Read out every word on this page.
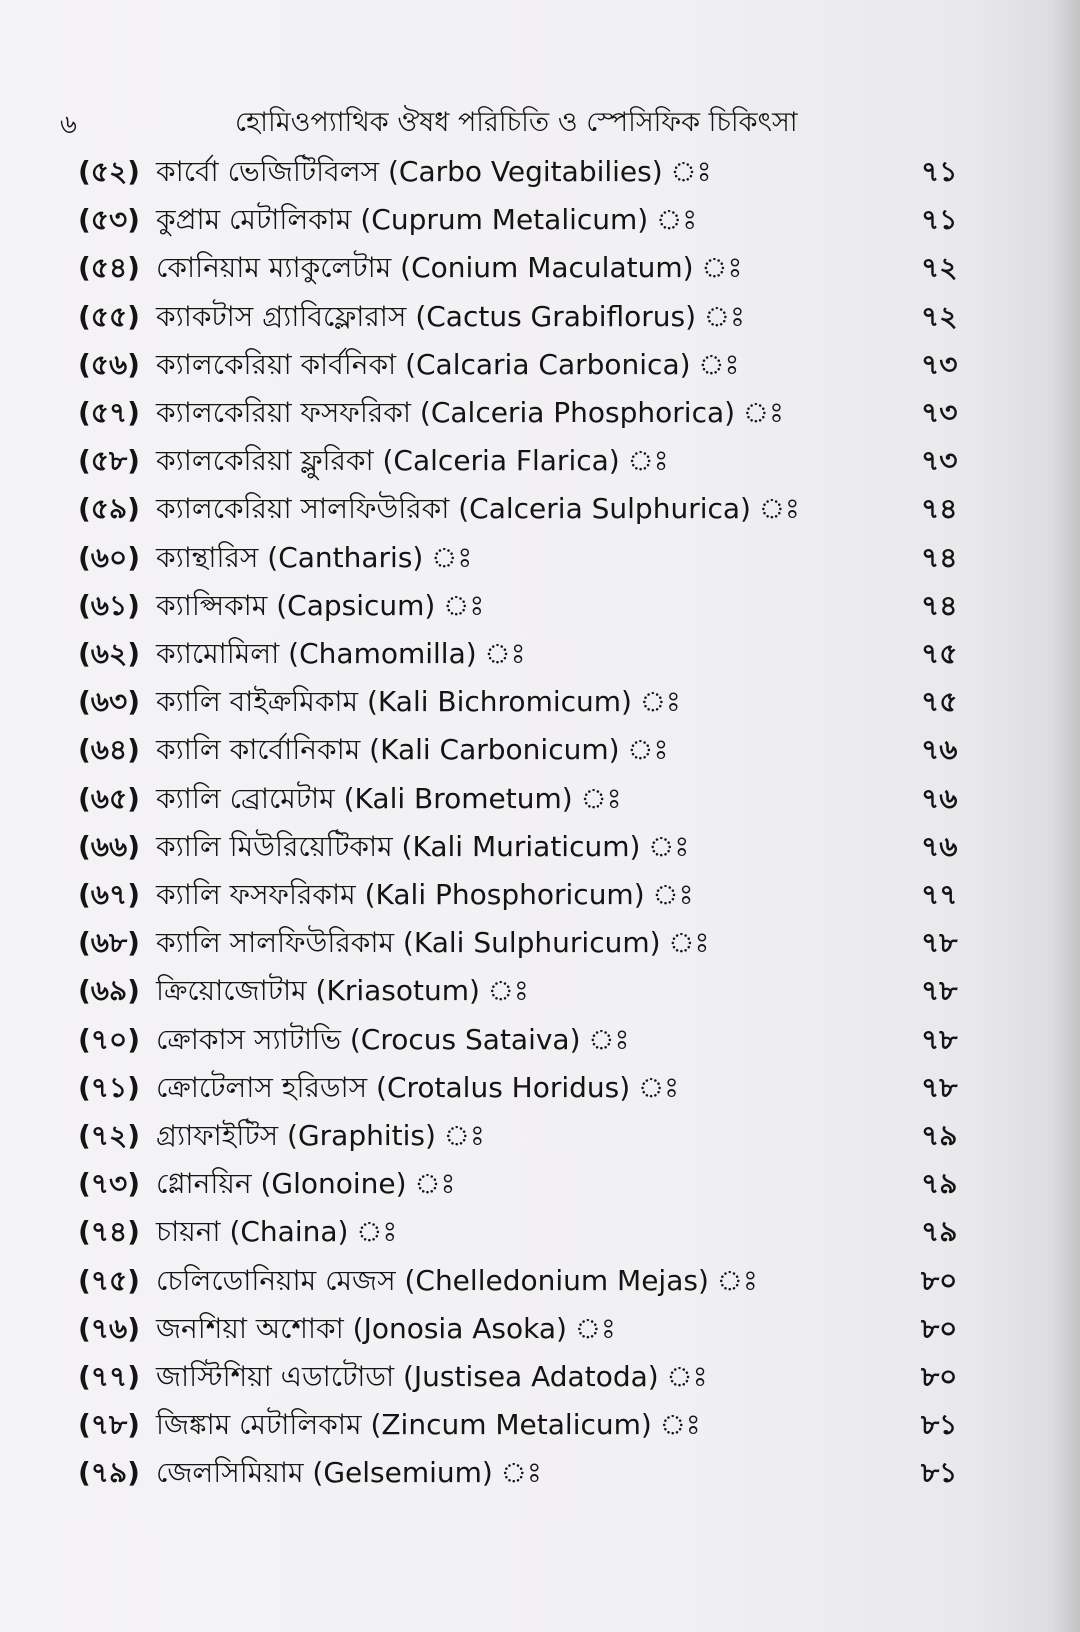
৬	হোমিওপ্যাথিক ঔষধ পরিচিতি ও স্পেসিফিক চিকিৎসা
(৫২) কার্বো ভেজিটিবিলস (Carbo Vegitabilies) ঃ	৭১
(৫৩) কুপ্রাম মেটালিকাম (Cuprum Metalicum) ঃ	৭১
(৫৪) কোনিয়াম ম্যাকুলেটাম (Conium Maculatum) ঃ	৭২
(৫৫) ক্যাকটাস গ্র্যাবিফ্লোরাস (Cactus Grabiflorus) ঃ	৭২
(৫৬) ক্যালকেরিয়া কার্বনিকা (Calcaria Carbonica) ঃ	৭৩
(৫৭) ক্যালকেরিয়া ফসফরিকা (Calceria Phosphorica) ঃ	৭৩
(৫৮) ক্যালকেরিয়া ফ্লুরিকা (Calceria Flarica) ঃ	৭৩
(৫৯) ক্যালকেরিয়া সালফিউরিকা (Calceria Sulphurica) ঃ	৭৪
(৬০) ক্যান্থারিস (Cantharis) ঃ	৭৪
(৬১) ক্যাপ্সিকাম (Capsicum) ঃ	৭৪
(৬২) ক্যামোমিলা (Chamomilla) ঃ	৭৫
(৬৩) ক্যালি বাইক্রমিকাম (Kali Bichromicum) ঃ	৭৫
(৬৪) ক্যালি কার্বোনিকাম (Kali Carbonicum) ঃ	৭৬
(৬৫) ক্যালি ব্রোমেটাম (Kali Brometum) ঃ	৭৬
(৬৬) ক্যালি মিউরিয়েটিকাম (Kali Muriaticum) ঃ	৭৬
(৬৭) ক্যালি ফসফরিকাম (Kali Phosphoricum) ঃ	৭৭
(৬৮) ক্যালি সালফিউরিকাম (Kali Sulphuricum) ঃ	৭৮
(৬৯) ক্রিয়োজোটাম (Kriasotum) ঃ	৭৮
(৭০) ক্রোকাস স্যাটাভি (Crocus Sataiva) ঃ	৭৮
(৭১) ক্রোটেলাস হরিডাস (Crotalus Horidus) ঃ	৭৮
(৭২) গ্র্যাফাইটিস (Graphitis) ঃ	৭৯
(৭৩) গ্লোনয়িন (Glonoine) ঃ	৭৯
(৭৪) চায়না (Chaina) ঃ	৭৯
(৭৫) চেলিডোনিয়াম মেজস (Chelledonium Mejas) ঃ	৮০
(৭৬) জনশিয়া অশোকা (Jonosia Asoka) ঃ	৮০
(৭৭) জাস্টিশিয়া এডাটোডা (Justisea Adatoda) ঃ	৮০
(৭৮) জিঙ্কাম মেটালিকাম (Zincum Metalicum) ঃ	৮১
(৭৯) জেলসিমিয়াম (Gelsemium) ঃ	৮১
